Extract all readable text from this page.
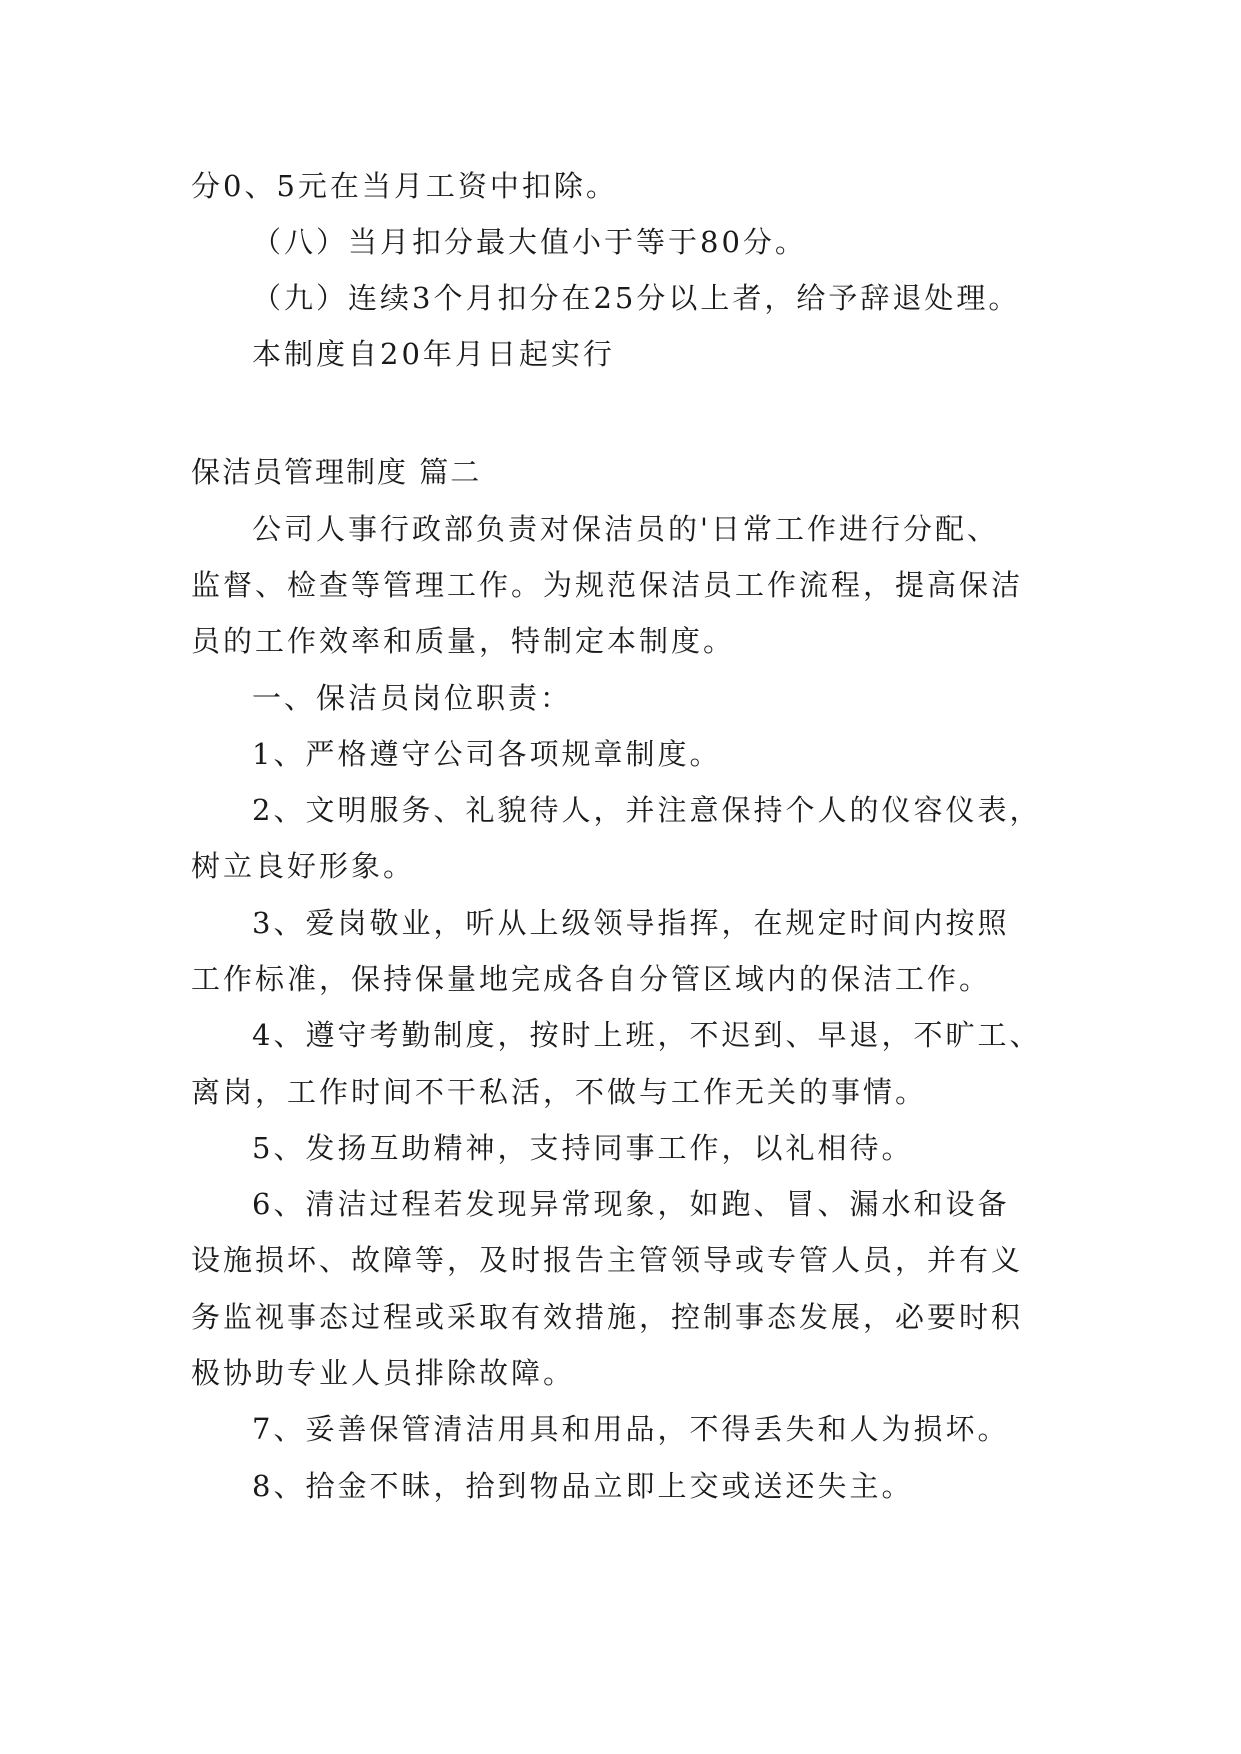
分0、5元在当月工资中扣除。
（八）当月扣分最大值小于等于80分。
（九）连续3个月扣分在25分以上者，给予辞退处理。
本制度自20年月日起实行
保洁员管理制度 篇二
公司人事行政部负责对保洁员的'日常工作进行分配、
监督、检查等管理工作。为规范保洁员工作流程，提高保洁
员的工作效率和质量，特制定本制度。
一、保洁员岗位职责：
1、严格遵守公司各项规章制度。
2、文明服务、礼貌待人，并注意保持个人的仪容仪表，
树立良好形象。
3、爱岗敬业，听从上级领导指挥，在规定时间内按照
工作标准，保持保量地完成各自分管区域内的保洁工作。
4、遵守考勤制度，按时上班，不迟到、早退，不旷工、
离岗，工作时间不干私活，不做与工作无关的事情。
5、发扬互助精神，支持同事工作，以礼相待。
6、清洁过程若发现异常现象，如跑、冒、漏水和设备
设施损坏、故障等，及时报告主管领导或专管人员，并有义
务监视事态过程或采取有效措施，控制事态发展，必要时积
极协助专业人员排除故障。
7、妥善保管清洁用具和用品，不得丢失和人为损坏。
8、拾金不昧，拾到物品立即上交或送还失主。
